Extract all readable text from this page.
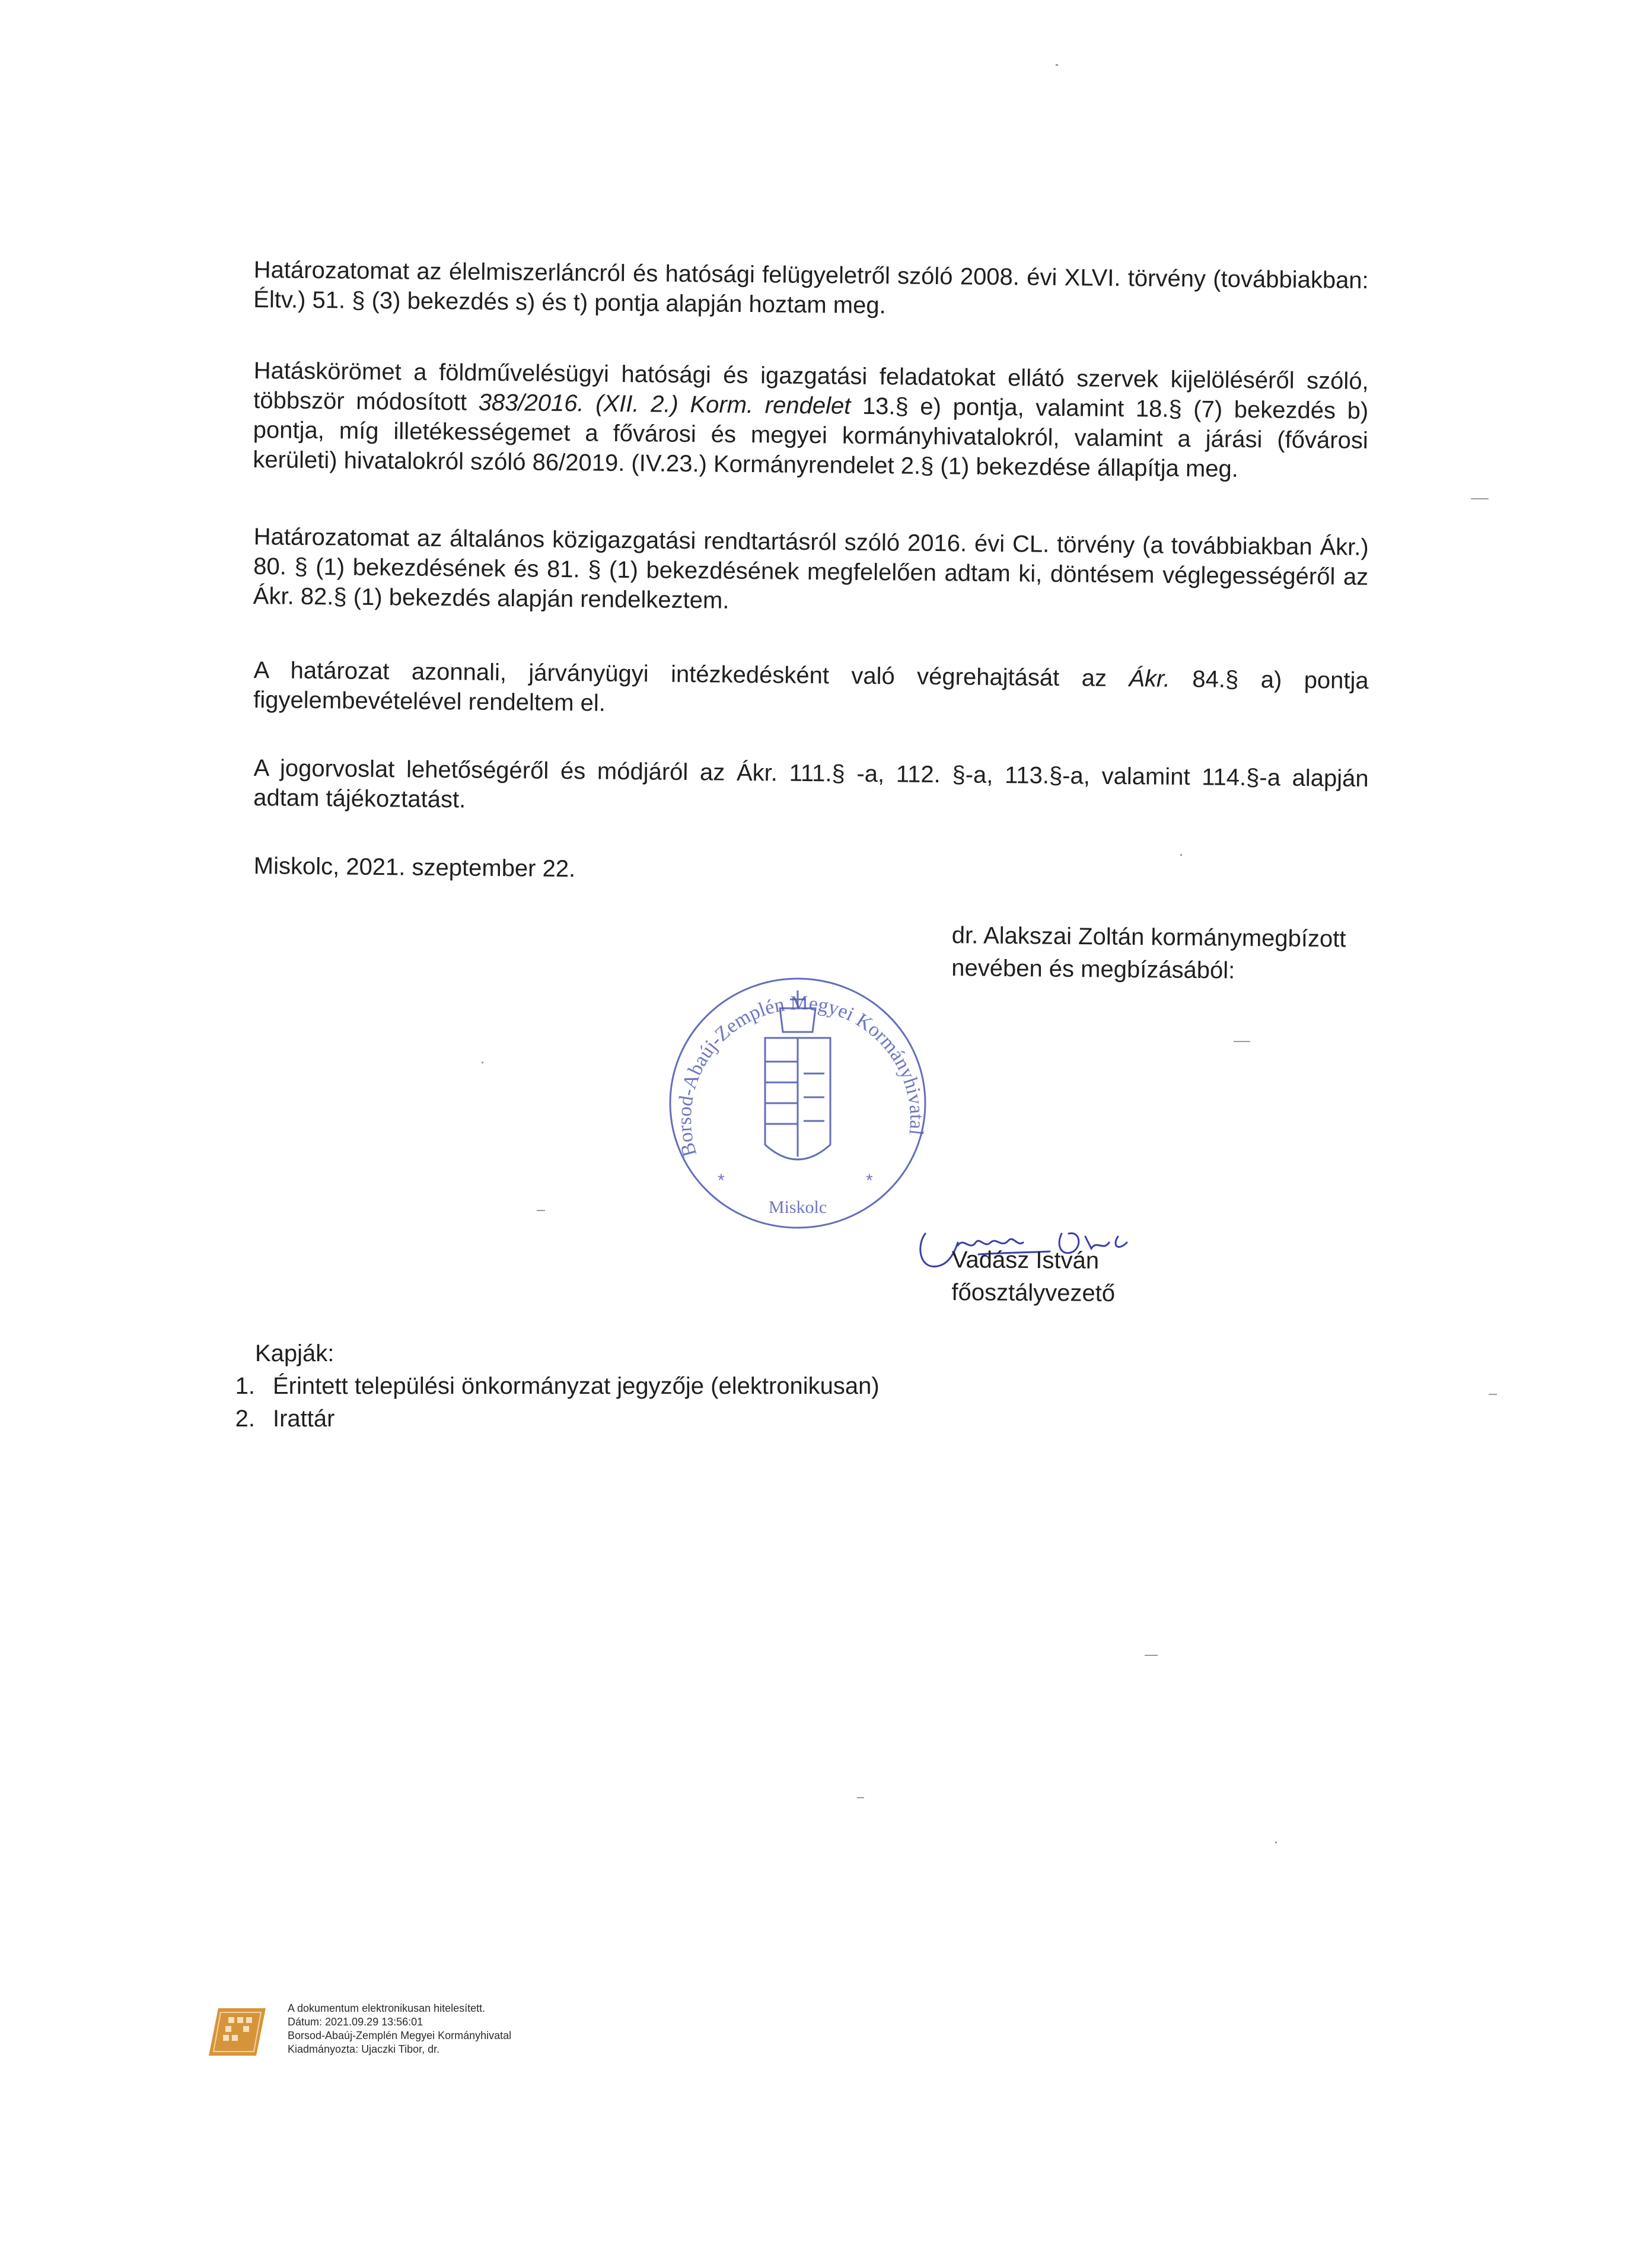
Határozatomat az élelmiszerláncról és hatósági felügyeletről szóló 2008. évi XLVI. törvény (továbbiakban: Éltv.) 51. § (3) bekezdés s) és t) pontja alapján hoztam meg.

Hatáskörömet a földművelésügyi hatósági és igazgatási feladatokat ellátó szervek kijelöléséről szóló, többször módosított 383/2016. (XII. 2.) Korm. rendelet 13.§ e) pontja, valamint 18.§ (7) bekezdés b) pontja, míg illetékességemet a fővárosi és megyei kormányhivatalokról, valamint a járási (fővárosi kerületi) hivatalokról szóló 86/2019. (IV.23.) Kormányrendelet 2.§ (1) bekezdése állapítja meg.

Határozatomat az általános közigazgatási rendtartásról szóló 2016. évi CL. törvény (a továbbiakban Ákr.) 80. § (1) bekezdésének és 81. § (1) bekezdésének megfelelően adtam ki, döntésem véglegességéről az Ákr. 82.§ (1) bekezdés alapján rendelkeztem.

A határozat azonnali, járványügyi intézkedésként való végrehajtását az Ákr. 84.§ a) pontja figyelembevételével rendeltem el.

A jogorvoslat lehetőségéről és módjáról az Ákr. 111.§ -a, 112. §-a, 113.§-a, valamint 114.§-a alapján adtam tájékoztatást.

Miskolc, 2021. szeptember 22.

dr. Alakszai Zoltán kormánymegbízott
nevében és megbízásából:
Borsod-Abaúj-Zemplén Megyei Kormányhivatal
Miskolc
*	*
Vadász István
főosztályvezető
Kapják:
1. Érintett települési önkormányzat jegyzője (elektronikusan)
2. Irattár
A dokumentum elektronikusan hitelesített.
Dátum: 2021.09.29 13:56:01
Borsod-Abaúj-Zemplén Megyei Kormányhivatal
Kiadmányozta: Ujaczki Tibor, dr.
